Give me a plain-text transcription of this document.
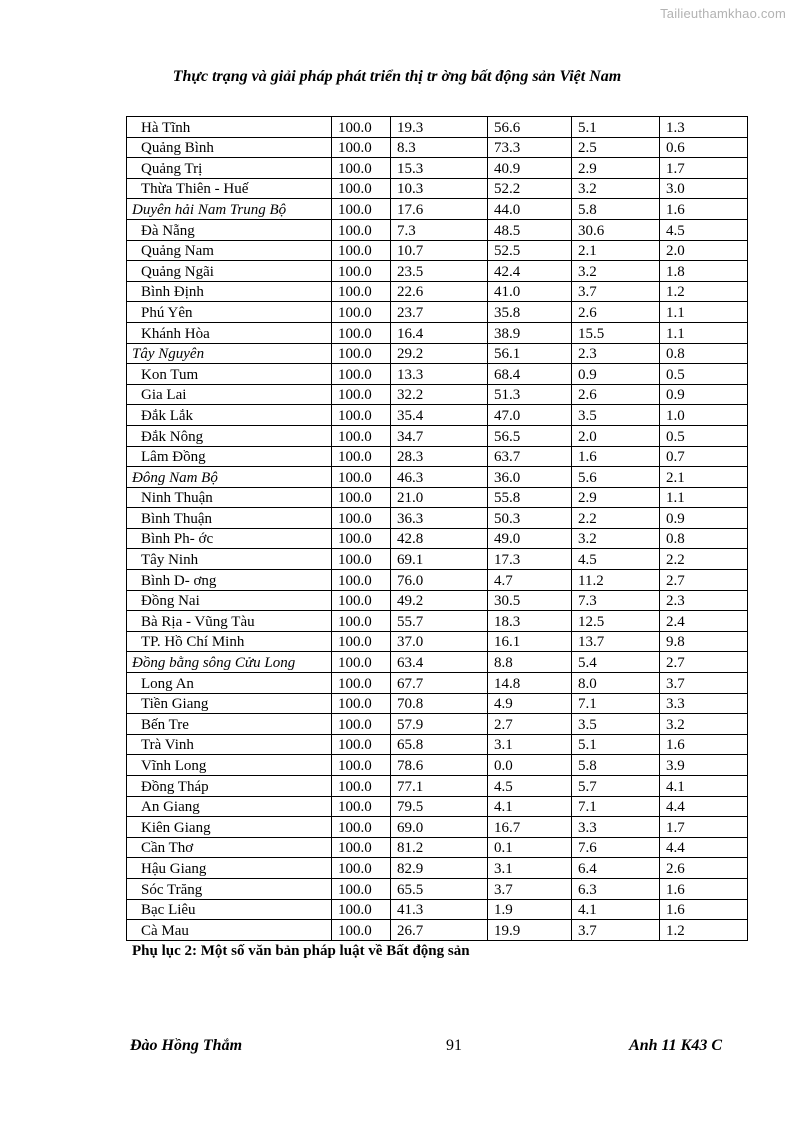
Tailieuthamkhao.com
Thực trạng và giải pháp phát triển thị tr ờng bất động sản Việt Nam
Hà Tĩnh	100.0	19.3	56.6	5.1	1.3
Quảng Bình	100.0	8.3	73.3	2.5	0.6
Quảng Trị	100.0	15.3	40.9	2.9	1.7
Thừa Thiên - Huế	100.0	10.3	52.2	3.2	3.0
Duyên hải Nam Trung Bộ	100.0	17.6	44.0	5.8	1.6
Đà Nẵng	100.0	7.3	48.5	30.6	4.5
Quảng Nam	100.0	10.7	52.5	2.1	2.0
Quảng Ngãi	100.0	23.5	42.4	3.2	1.8
Bình Định	100.0	22.6	41.0	3.7	1.2
Phú Yên	100.0	23.7	35.8	2.6	1.1
Khánh Hòa	100.0	16.4	38.9	15.5	1.1
Tây Nguyên	100.0	29.2	56.1	2.3	0.8
Kon Tum	100.0	13.3	68.4	0.9	0.5
Gia Lai	100.0	32.2	51.3	2.6	0.9
Đắk Lắk	100.0	35.4	47.0	3.5	1.0
Đắk Nông	100.0	34.7	56.5	2.0	0.5
Lâm Đồng	100.0	28.3	63.7	1.6	0.7
Đông Nam Bộ	100.0	46.3	36.0	5.6	2.1
Ninh Thuận	100.0	21.0	55.8	2.9	1.1
Bình Thuận	100.0	36.3	50.3	2.2	0.9
Bình Ph- ớc	100.0	42.8	49.0	3.2	0.8
Tây Ninh	100.0	69.1	17.3	4.5	2.2
Bình D- ơng	100.0	76.0	4.7	11.2	2.7
Đồng Nai	100.0	49.2	30.5	7.3	2.3
Bà Rịa - Vũng Tàu	100.0	55.7	18.3	12.5	2.4
TP. Hồ Chí Minh	100.0	37.0	16.1	13.7	9.8
Đồng bằng sông Cửu Long	100.0	63.4	8.8	5.4	2.7
Long An	100.0	67.7	14.8	8.0	3.7
Tiền Giang	100.0	70.8	4.9	7.1	3.3
Bến Tre	100.0	57.9	2.7	3.5	3.2
Trà Vinh	100.0	65.8	3.1	5.1	1.6
Vĩnh Long	100.0	78.6	0.0	5.8	3.9
Đồng Tháp	100.0	77.1	4.5	5.7	4.1
An Giang	100.0	79.5	4.1	7.1	4.4
Kiên Giang	100.0	69.0	16.7	3.3	1.7
Cần Thơ	100.0	81.2	0.1	7.6	4.4
Hậu Giang	100.0	82.9	3.1	6.4	2.6
Sóc Trăng	100.0	65.5	3.7	6.3	1.6
Bạc Liêu	100.0	41.3	1.9	4.1	1.6
Cà Mau	100.0	26.7	19.9	3.7	1.2
Phụ lục 2: Một số văn bản pháp luật về Bất động sản
Đào Hồng Thắm	91	Anh 11 K43 C
